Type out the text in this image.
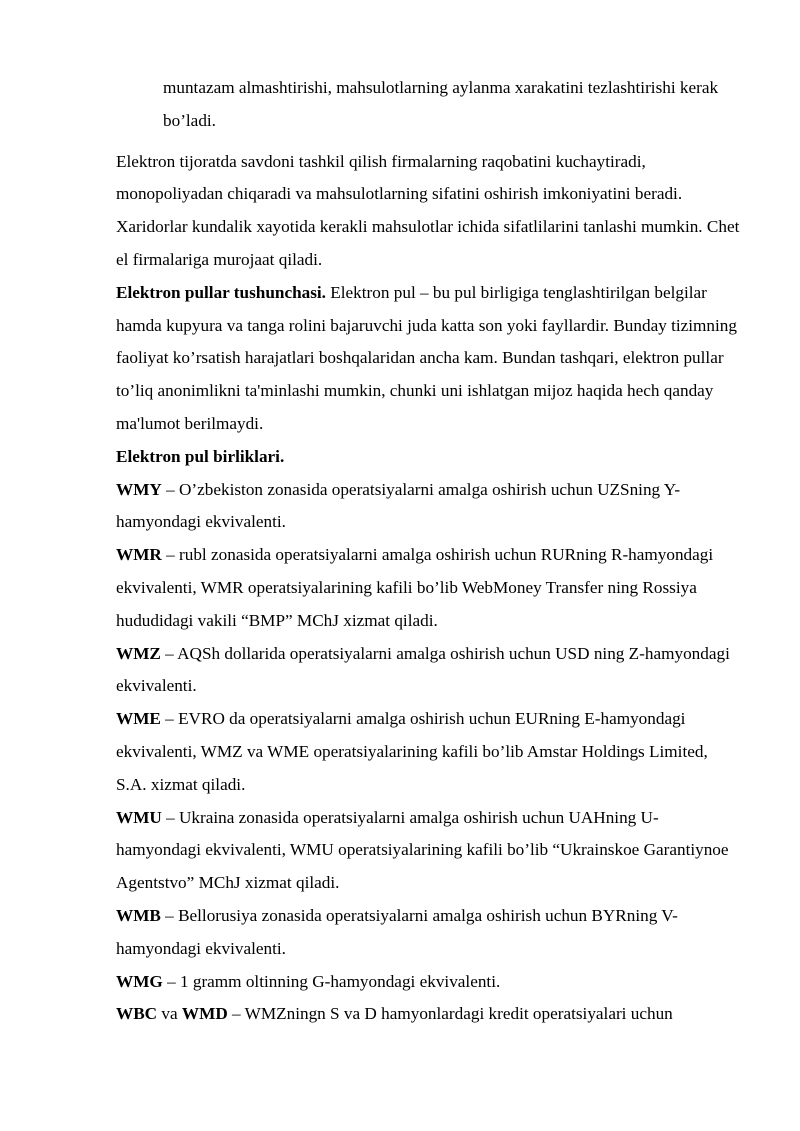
muntazam almashtirishi, mahsulotlarning aylanma xarakatini tezlashtirishi kerak bo’ladi.

Elektron tijoratda savdoni tashkil qilish firmalarning raqobatini kuchaytiradi, monopoliyadan chiqaradi va mahsulotlarning sifatini oshirish imkoniyatini beradi. Xaridorlar kundalik xayotida kerakli mahsulotlar ichida sifatlilarini tanlashi mumkin. Chet el firmalariga murojaat qiladi.

Elektron pullar tushunchasi. Elektron pul – bu pul birligiga tenglashtirilgan belgilar hamda kupyura va tanga rolini bajaruvchi juda katta son yoki fayllardir. Bunday tizimning faoliyat ko’rsatish harajatlari boshqalaridan ancha kam. Bundan tashqari, elektron pullar to’liq anonimlikni ta'minlashi mumkin, chunki uni ishlatgan mijoz haqida hech qanday ma'lumot berilmaydi.

Elektron pul birliklari.

WMY – O’zbekiston zonasida operatsiyalarni amalga oshirish uchun UZSning Y-hamyondagi ekvivalenti.

WMR – rubl zonasida operatsiyalarni amalga oshirish uchun RURning R-hamyondagi ekvivalenti, WMR operatsiyalarining kafili bo’lib WebMoney Transfer ning Rossiya hududidagi vakili “BMP” MChJ xizmat qiladi.

WMZ – AQSh dollarida operatsiyalarni amalga oshirish uchun USD ning Z-hamyondagi ekvivalenti.

WME – EVRO da operatsiyalarni amalga oshirish uchun EURning E-hamyondagi ekvivalenti, WMZ va WME operatsiyalarining kafili bo’lib Amstar Holdings Limited, S.A. xizmat qiladi.

WMU – Ukraina zonasida operatsiyalarni amalga oshirish uchun UAHning U-hamyondagi ekvivalenti, WMU operatsiyalarining kafili bo’lib “Ukrainskoe Garantiynoe Agentstvo” MChJ xizmat qiladi.

WMB – Bellorusiya zonasida operatsiyalarni amalga oshirish uchun BYRning V-hamyondagi ekvivalenti.

WMG – 1 gramm oltinning G-hamyondagi ekvivalenti.

WBC va WMD – WMZningn S va D hamyonlardagi kredit operatsiyalari uchun
